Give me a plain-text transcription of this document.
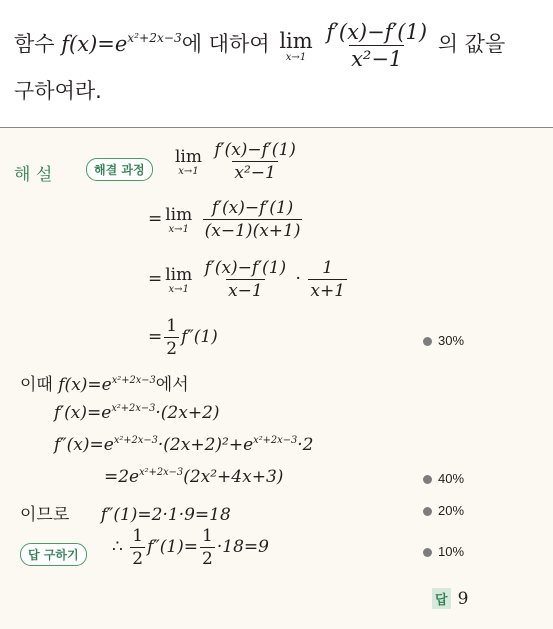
함수 $f(x)=e^{x^2+2x-3}$에 대하여 lim
x→1
$\frac{f'(x)-f'(1)}{\text{x²−1}}$ 의 값을
구하여라.
해 설	해결 과정
lim
x→1
$\frac{f'(x)-f'(1)}{\text{x²−1}}$
= lim
x→1
$\frac{f'(x)-f'(1)}{(x-1)(x+1)}$
= lim
x→1
$\frac{f'(x)-f'(1)}{x-1} \cdot \frac{1}{x+1}$
= $\frac{1}{2} f''(1)$	30%
이때 $f(x)=e^{x^2+2x-3}$에서
$f'(x)=e^{x^2+2x-3}\cdot(2x+2)$
$f''(x)=e^{x^2+2x-3}\cdot(2x+2)^2+e^{x^2+2x-3}\cdot 2$
$=2e^{x^2+2x-3}(2x^2+4x+3)$	40%
이므로 f″(1)=2·1·9=18	20%
답 구하기	∴ $\frac{1}{2} f''(1)= \frac{1}{2} \cdot 18=9$	10%
답 9
